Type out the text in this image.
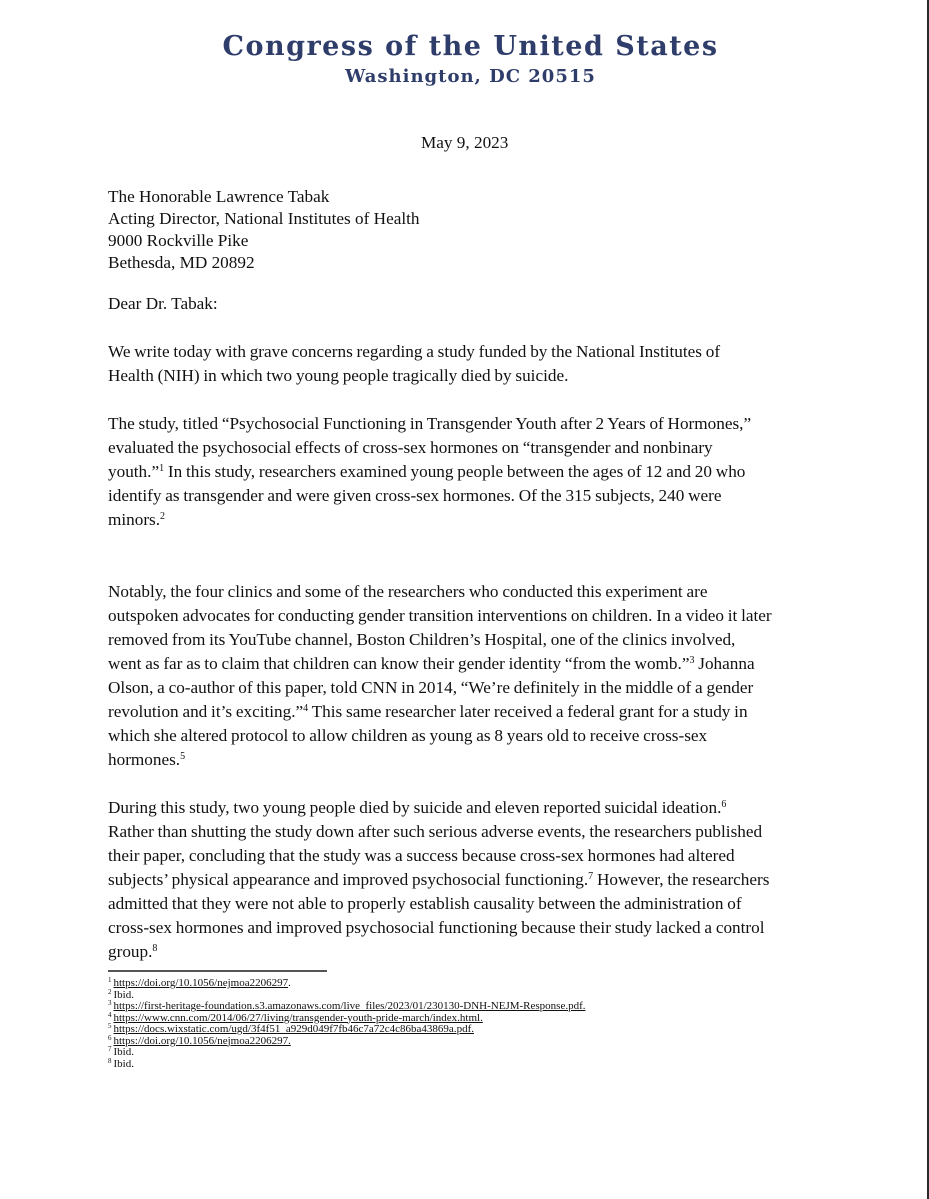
Congress of the United States
Washington, DC 20515
May 9, 2023
The Honorable Lawrence Tabak
Acting Director, National Institutes of Health
9000 Rockville Pike
Bethesda, MD 20892
Dear Dr. Tabak:
We write today with grave concerns regarding a study funded by the National Institutes of
Health (NIH) in which two young people tragically died by suicide.
The study, titled “Psychosocial Functioning in Transgender Youth after 2 Years of Hormones,”
evaluated the psychosocial effects of cross-sex hormones on “transgender and nonbinary
youth.”$^1$ In this study, researchers examined young people between the ages of 12 and 20 who
identify as transgender and were given cross-sex hormones. Of the 315 subjects, 240 were
minors.$^2$
Notably, the four clinics and some of the researchers who conducted this experiment are
outspoken advocates for conducting gender transition interventions on children. In a video it later
removed from its YouTube channel, Boston Children’s Hospital, one of the clinics involved,
went as far as to claim that children can know their gender identity “from the womb.”$^3$ Johanna
Olson, a co-author of this paper, told CNN in 2014, “We’re definitely in the middle of a gender
revolution and it’s exciting.”$^4$ This same researcher later received a federal grant for a study in
which she altered protocol to allow children as young as 8 years old to receive cross-sex
hormones.$^5$
During this study, two young people died by suicide and eleven reported suicidal ideation.$^6$
Rather than shutting the study down after such serious adverse events, the researchers published
their paper, concluding that the study was a success because cross-sex hormones had altered
subjects’ physical appearance and improved psychosocial functioning.$^7$ However, the researchers
admitted that they were not able to properly establish causality between the administration of
cross-sex hormones and improved psychosocial functioning because their study lacked a control
group.$^8$
$^1$ https://doi.org/10.1056/nejmoa2206297.
$^2$ Ibid.
$^3$ https://first-heritage-foundation.s3.amazonaws.com/live_files/2023/01/230130-DNH-NEJM-Response.pdf.
$^4$ https://www.cnn.com/2014/06/27/living/transgender-youth-pride-march/index.html.
$^5$ https://docs.wixstatic.com/ugd/3f4f51_a929d049f7fb46c7a72c4c86ba43869a.pdf.
$^6$ https://doi.org/10.1056/nejmoa2206297.
$^7$ Ibid.
$^8$ Ibid.
